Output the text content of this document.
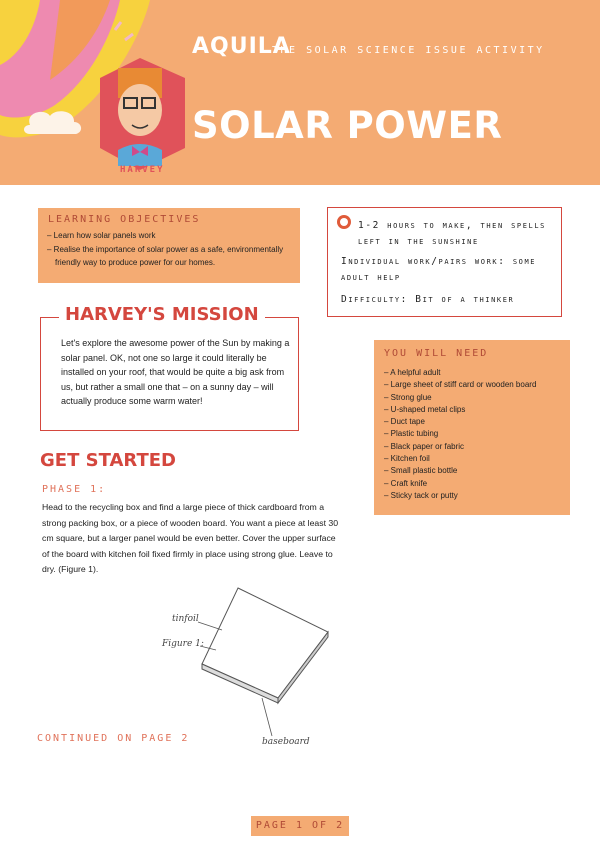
AQUILA
THE SOLAR SCIENCE ISSUE ACTIVITY
SOLAR POWER
HARVEY
LEARNING OBJECTIVES
– Learn how solar panels work
– Realise the importance of solar power as a safe, environmentally friendly way to produce power for our homes.
1-2 hours to make, then spells left in the sunshine
Individual work/pairs work: some adult help
Difficulty: Bit of a thinker
HARVEY'S MISSION
Let's explore the awesome power of the Sun by making a solar panel. OK, not one so large it could literally be installed on your roof, that would be quite a big ask from us, but rather a small one that – on a sunny day – will actually produce some warm water!
YOU WILL NEED
– A helpful adult
– Large sheet of stiff card or wooden board
– Strong glue
– U-shaped metal clips
– Duct tape
– Plastic tubing
– Black paper or fabric
– Kitchen foil
– Small plastic bottle
– Craft knife
– Sticky tack or putty
GET STARTED
PHASE 1:
Head to the recycling box and find a large piece of thick cardboard from a strong packing box, or a piece of wooden board. You want a piece at least 30 cm square, but a larger panel would be even better. Cover the upper surface of the board with kitchen foil fixed firmly in place using strong glue. Leave to dry. (Figure 1).
tinfoil
Figure 1:
baseboard
CONTINUED ON PAGE 2
PAGE 1 OF 2
